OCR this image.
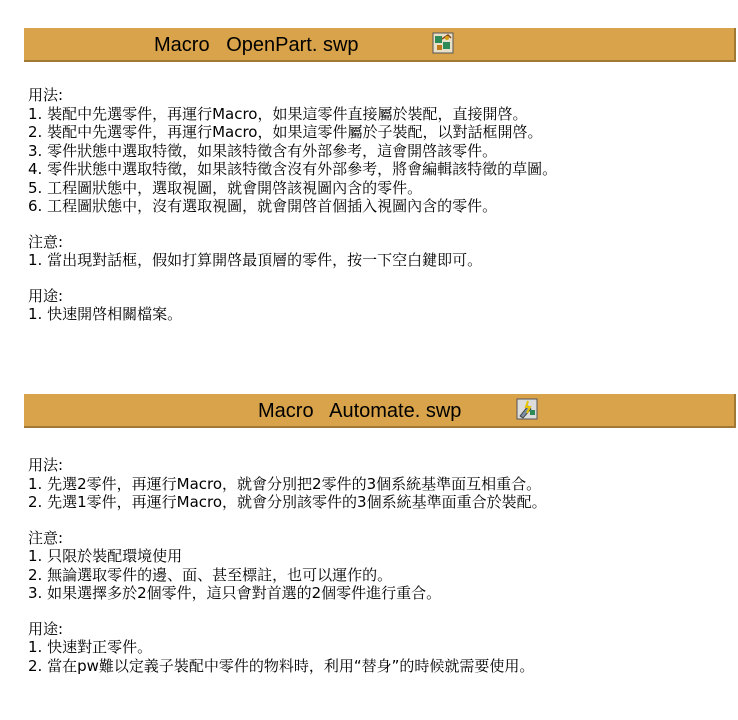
Macro   OpenPart. swp
用法:
1. 裝配中先選零件，再運行Macro，如果這零件直接屬於裝配，直接開啓。
2. 裝配中先選零件，再運行Macro，如果這零件屬於子裝配，以對話框開啓。
3. 零件狀態中選取特徵，如果該特徵含有外部參考，這會開啓該零件。
4. 零件狀態中選取特徵，如果該特徵含沒有外部參考，將會編輯該特徵的草圖。
5. 工程圖狀態中，選取視圖，就會開啓該視圖內含的零件。
6. 工程圖狀態中，沒有選取視圖，就會開啓首個插入視圖內含的零件。
注意:
1. 當出現對話框，假如打算開啓最頂層的零件，按一下空白鍵即可。
用途:
1. 快速開啓相關檔案。
Macro   Automate. swp
用法:
1. 先選2零件，再運行Macro，就會分別把2零件的3個系統基準面互相重合。
2. 先選1零件，再運行Macro，就會分別該零件的3個系統基準面重合於裝配。
注意:
1. 只限於裝配環境使用
2. 無論選取零件的邊、面、甚至標註，也可以運作的。
3. 如果選擇多於2個零件，這只會對首選的2個零件進行重合。
用途:
1. 快速對正零件。
2. 當在pw難以定義子裝配中零件的物料時，利用“替身”的時候就需要使用。
